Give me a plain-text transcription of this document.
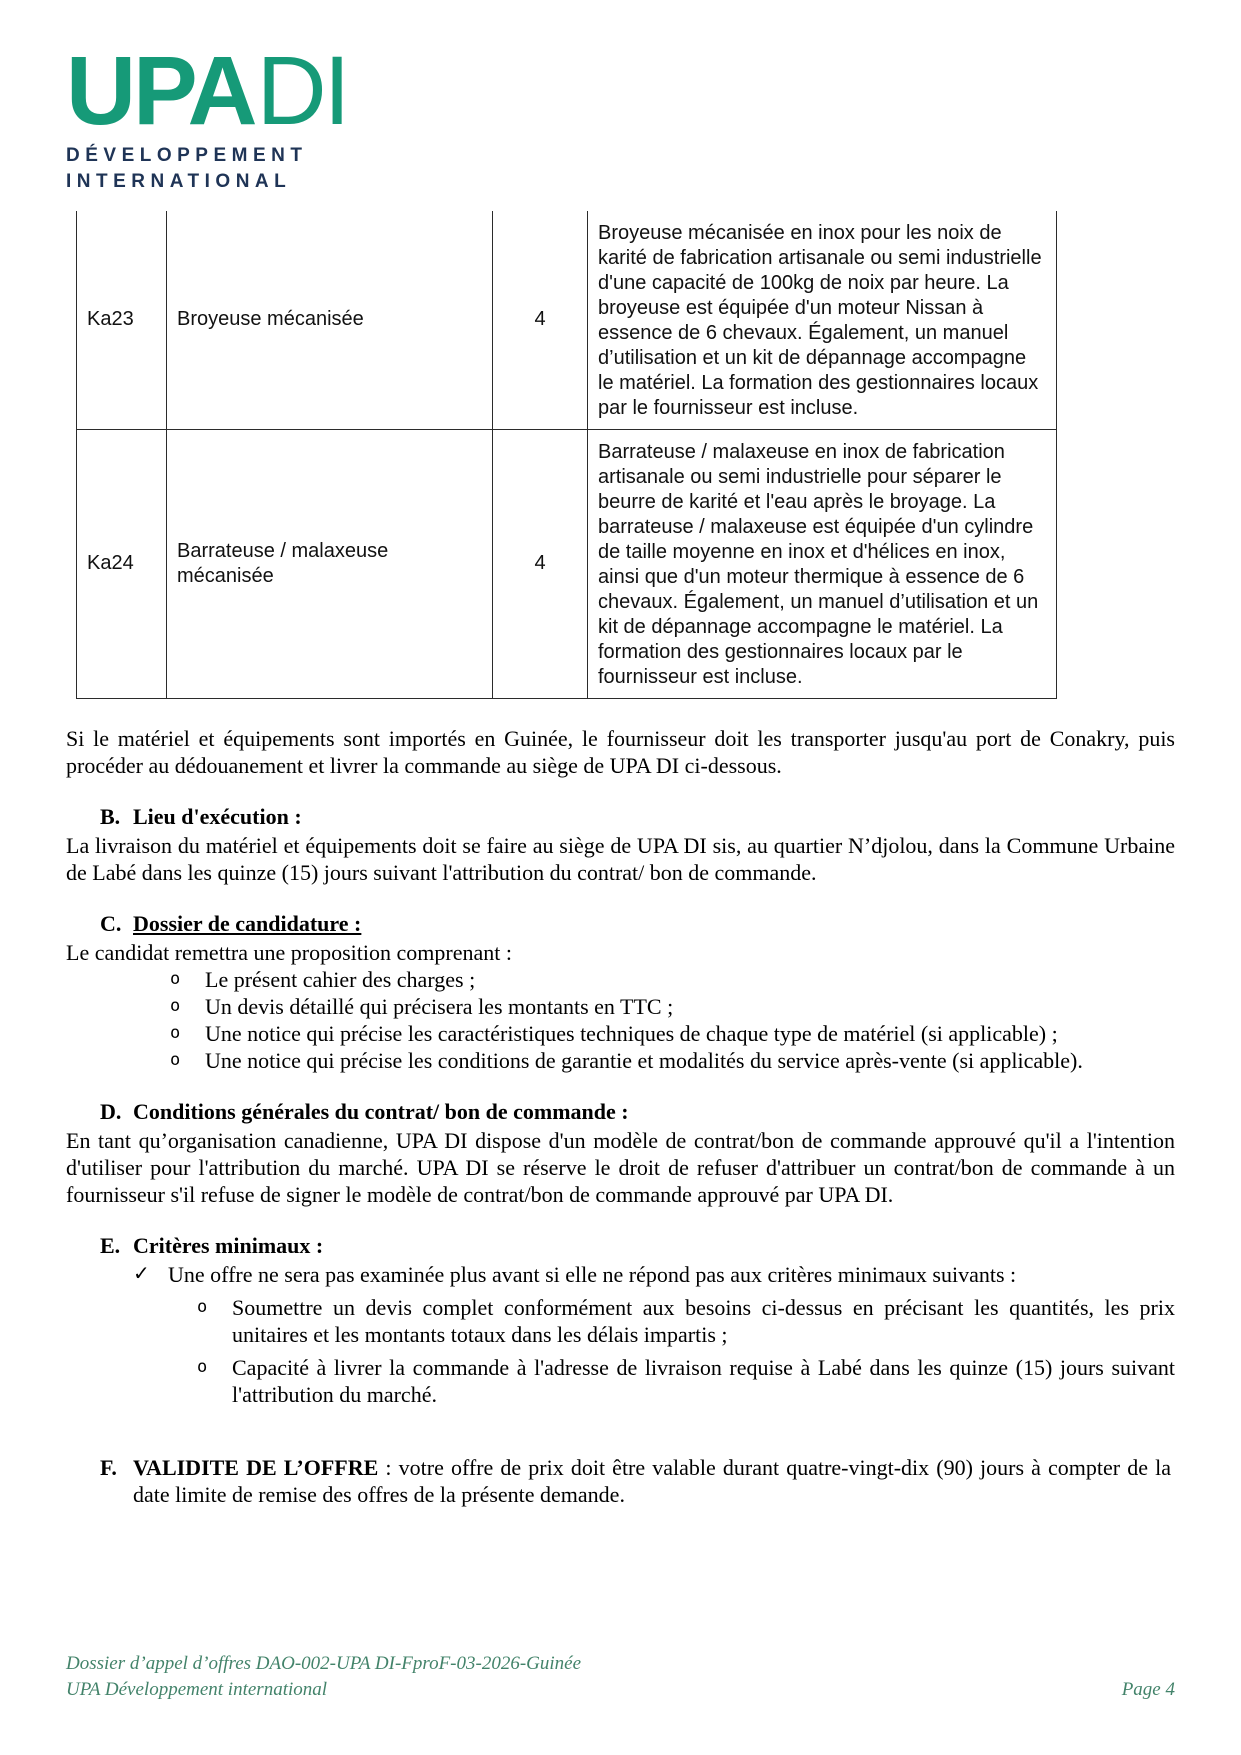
UPADI
DÉVELOPPEMENT
INTERNATIONAL
Ka23	Broyeuse mécanisée	4	Broyeuse mécanisée en inox pour les noix de karité de fabrication artisanale ou semi industrielle d'une capacité de 100kg de noix par heure. La broyeuse est équipée d'un moteur Nissan à essence de 6 chevaux. Également, un manuel d’utilisation et un kit de dépannage accompagne le matériel. La formation des gestionnaires locaux par le fournisseur est incluse.
Ka24	Barrateuse / malaxeuse mécanisée	4	Barrateuse / malaxeuse en inox de fabrication artisanale ou semi industrielle pour séparer le beurre de karité et l'eau après le broyage. La barrateuse / malaxeuse est équipée d'un cylindre de taille moyenne en inox et d'hélices en inox, ainsi que d'un moteur thermique à essence de 6 chevaux. Également, un manuel d’utilisation et un kit de dépannage accompagne le matériel. La formation des gestionnaires locaux par le fournisseur est incluse.

Si le matériel et équipements sont importés en Guinée, le fournisseur doit les transporter jusqu'au port de Conakry, puis procéder au dédouanement et livrer la commande au siège de UPA DI ci-dessous.

B. Lieu d'exécution :

La livraison du matériel et équipements doit se faire au siège de UPA DI sis, au quartier N’djolou, dans la Commune Urbaine de Labé dans les quinze (15) jours suivant l'attribution du contrat/ bon de commande.

C. Dossier de candidature :

Le candidat remettra une proposition comprenant :

o Le présent cahier des charges ;
o Un devis détaillé qui précisera les montants en TTC ;
o Une notice qui précise les caractéristiques techniques de chaque type de matériel (si applicable) ;
o Une notice qui précise les conditions de garantie et modalités du service après-vente (si applicable).
D. Conditions générales du contrat/ bon de commande :

En tant qu’organisation canadienne, UPA DI dispose d'un modèle de contrat/bon de commande approuvé qu'il a l'intention d'utiliser pour l'attribution du marché. UPA DI se réserve le droit de refuser d'attribuer un contrat/bon de commande à un fournisseur s'il refuse de signer le modèle de contrat/bon de commande approuvé par UPA DI.

E. Critères minimaux :
✓ Une offre ne sera pas examinée plus avant si elle ne répond pas aux critères minimaux suivants :
o Soumettre un devis complet conformément aux besoins ci-dessus en précisant les quantités, les prix unitaires et les montants totaux dans les délais impartis ;
o Capacité à livrer la commande à l'adresse de livraison requise à Labé dans les quinze (15) jours suivant l'attribution du marché.
F. VALIDITE DE L’OFFRE : votre offre de prix doit être valable durant quatre-vingt-dix (90) jours à compter de la date limite de remise des offres de la présente demande.
Dossier d’appel d’offres DAO-002-UPA DI-FproF-03-2026-Guinée
UPA Développement international	Page 4
